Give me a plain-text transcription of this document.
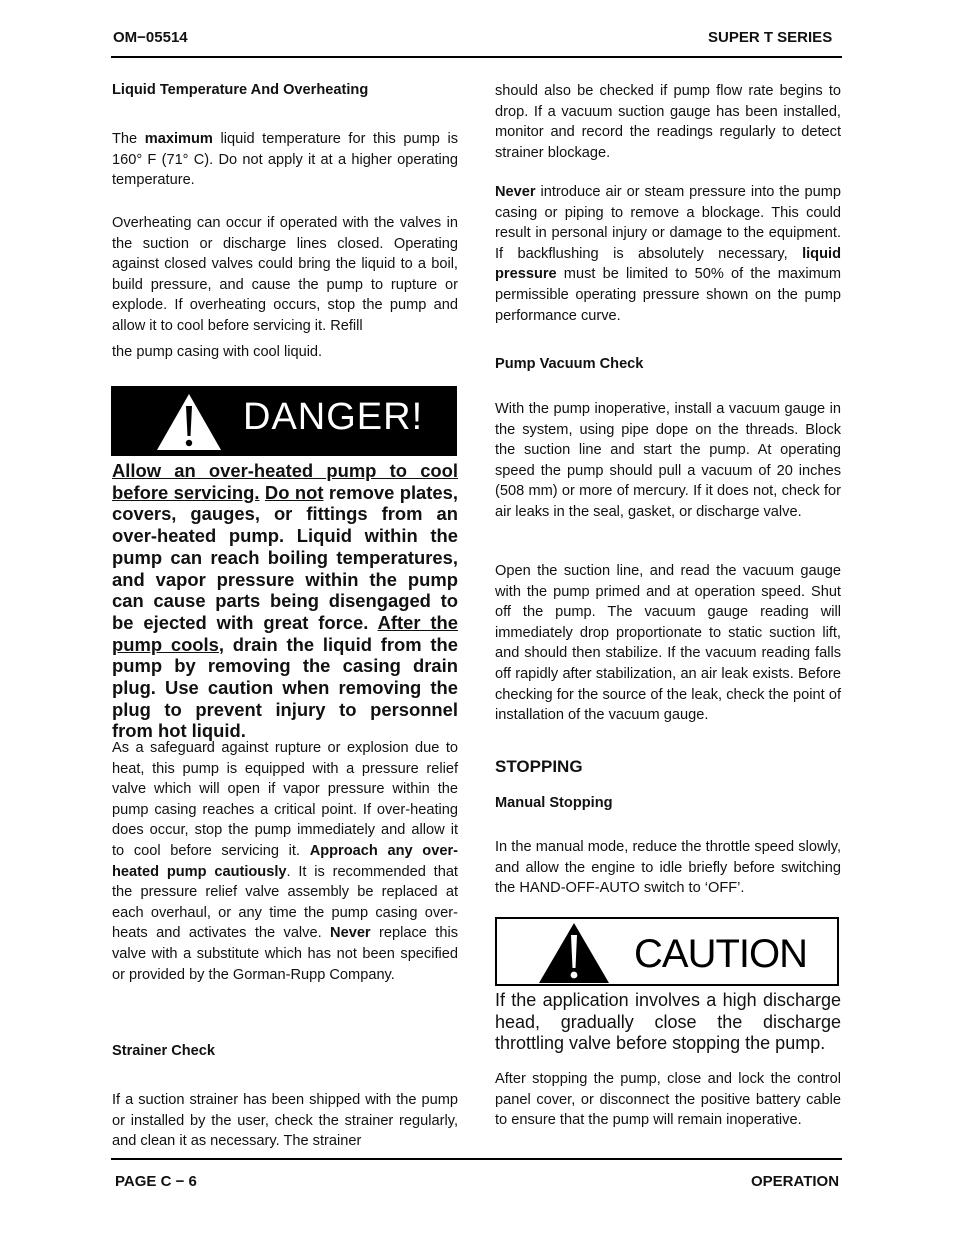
OM−05514	SUPER T SERIES
Liquid Temperature And Overheating

The maximum liquid temperature for this pump is 160° F (71° C). Do not apply it at a higher operating temperature.

Overheating can occur if operated with the valves in the suction or discharge lines closed. Operating against closed valves could bring the liquid to a boil, build pressure, and cause the pump to rupture or explode. If overheating occurs, stop the pump and allow it to cool before servicing it. Refill

the pump casing with cool liquid.

DANGER!

Allow an over-heated pump to cool before servicing. Do not remove plates, covers, gauges, or fittings from an over-heated pump. Liquid within the pump can reach boiling temperatures, and vapor pressure within the pump can cause parts being disengaged to be ejected with great force. After the pump cools, drain the liquid from the pump by removing the casing drain plug. Use caution when removing the plug to prevent injury to personnel from hot liquid.

As a safeguard against rupture or explosion due to heat, this pump is equipped with a pressure relief valve which will open if vapor pressure within the pump casing reaches a critical point. If over-heating does occur, stop the pump immediately and allow it to cool before servicing it. Approach any over-heated pump cautiously. It is recommended that the pressure relief valve assembly be replaced at each overhaul, or any time the pump casing over-heats and activates the valve. Never replace this valve with a substitute which has not been specified or provided by the Gorman-Rupp Company.

Strainer Check

If a suction strainer has been shipped with the pump or installed by the user, check the strainer regularly, and clean it as necessary. The strainer

should also be checked if pump flow rate begins to drop. If a vacuum suction gauge has been installed, monitor and record the readings regularly to detect strainer blockage.

Never introduce air or steam pressure into the pump casing or piping to remove a blockage. This could result in personal injury or damage to the equipment. If backflushing is absolutely necessary, liquid pressure must be limited to 50% of the maximum permissible operating pressure shown on the pump performance curve.

Pump Vacuum Check

With the pump inoperative, install a vacuum gauge in the system, using pipe dope on the threads. Block the suction line and start the pump. At operating speed the pump should pull a vacuum of 20 inches (508 mm) or more of mercury. If it does not, check for air leaks in the seal, gasket, or discharge valve.

Open the suction line, and read the vacuum gauge with the pump primed and at operation speed. Shut off the pump. The vacuum gauge reading will immediately drop proportionate to static suction lift, and should then stabilize. If the vacuum reading falls off rapidly after stabilization, an air leak exists. Before checking for the source of the leak, check the point of installation of the vacuum gauge.

STOPPING
Manual Stopping

In the manual mode, reduce the throttle speed slowly, and allow the engine to idle briefly before switching the HAND-OFF-AUTO switch to ‘OFF’.

CAUTION

If the application involves a high discharge head, gradually close the discharge throttling valve before stopping the pump.

After stopping the pump, close and lock the control panel cover, or disconnect the positive battery cable to ensure that the pump will remain inoperative.

PAGE C − 6	OPERATION
